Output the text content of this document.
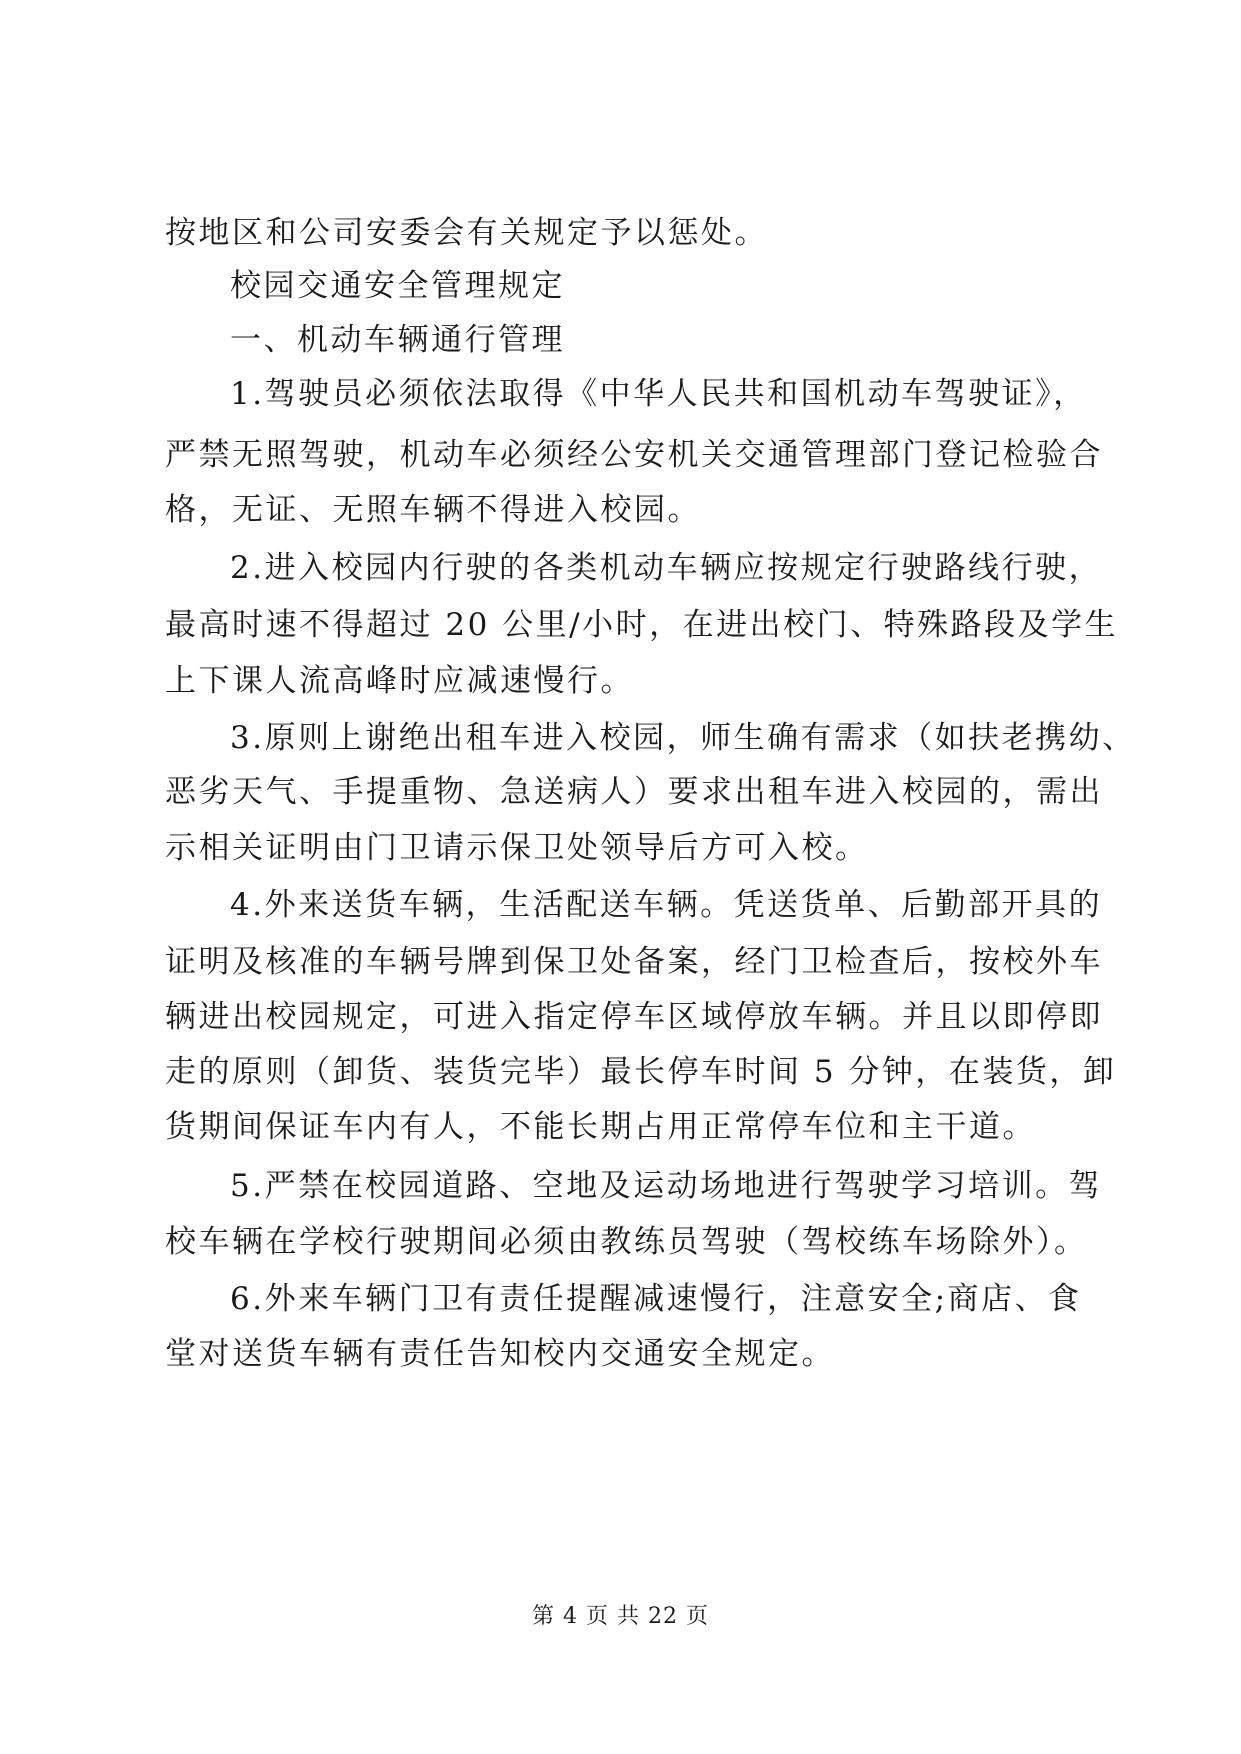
按地区和公司安委会有关规定予以惩处。
校园交通安全管理规定
一、机动车辆通行管理
1.驾驶员必须依法取得《中华人民共和国机动车驾驶证》，
严禁无照驾驶，机动车必须经公安机关交通管理部门登记检验合
格，无证、无照车辆不得进入校园。
2.进入校园内行驶的各类机动车辆应按规定行驶路线行驶，
最高时速不得超过 20 公里/小时，在进出校门、特殊路段及学生
上下课人流高峰时应减速慢行。
3.原则上谢绝出租车进入校园，师生确有需求（如扶老携幼、
恶劣天气、手提重物、急送病人）要求出租车进入校园的，需出
示相关证明由门卫请示保卫处领导后方可入校。
4.外来送货车辆，生活配送车辆。凭送货单、后勤部开具的
证明及核准的车辆号牌到保卫处备案，经门卫检查后，按校外车
辆进出校园规定，可进入指定停车区域停放车辆。并且以即停即
走的原则（卸货、装货完毕）最长停车时间 5 分钟，在装货，卸
货期间保证车内有人，不能长期占用正常停车位和主干道。
5.严禁在校园道路、空地及运动场地进行驾驶学习培训。驾
校车辆在学校行驶期间必须由教练员驾驶（驾校练车场除外）。
6.外来车辆门卫有责任提醒减速慢行，注意安全;商店、食
堂对送货车辆有责任告知校内交通安全规定。
第 4 页 共 22 页
